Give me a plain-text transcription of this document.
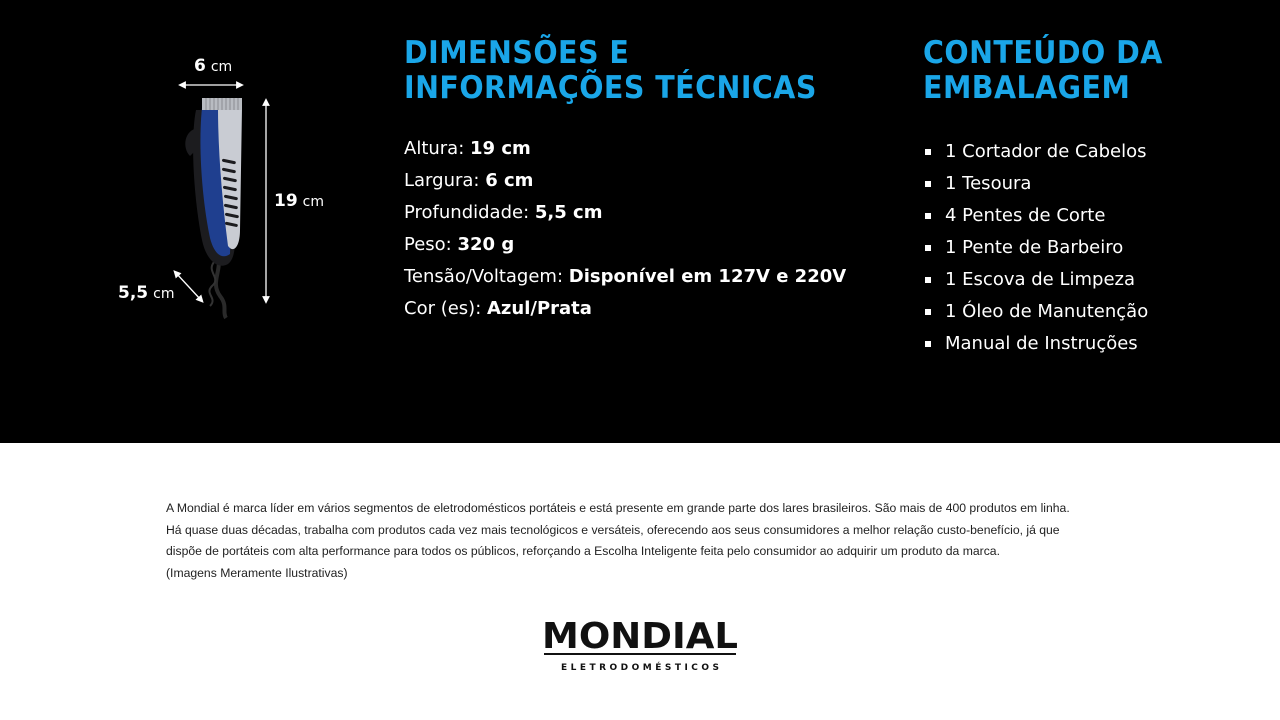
6 cm
19 cm
5,5 cm
DIMENSÕES E
INFORMAÇÕES TÉCNICAS
Altura: 19 cm
Largura: 6 cm
Profundidade: 5,5 cm
Peso: 320 g
Tensão/Voltagem: Disponível em 127V e 220V
Cor (es): Azul/Prata
CONTEÚDO DA
EMBALAGEM
1 Cortador de Cabelos
1 Tesoura
4 Pentes de Corte
1 Pente de Barbeiro
1 Escova de Limpeza
1 Óleo de Manutenção
Manual de Instruções

A Mondial é marca líder em vários segmentos de eletrodomésticos portáteis e está presente em grande parte dos lares brasileiros. São mais de 400 produtos em linha.

Há quase duas décadas, trabalha com produtos cada vez mais tecnológicos e versáteis, oferecendo aos seus consumidores a melhor relação custo-benefício, já que

dispõe de portáteis com alta performance para todos os públicos, reforçando a Escolha Inteligente feita pelo consumidor ao adquirir um produto da marca.

(Imagens Meramente Ilustrativas)

MONDIAL
ELETRODOMÉSTICOS
